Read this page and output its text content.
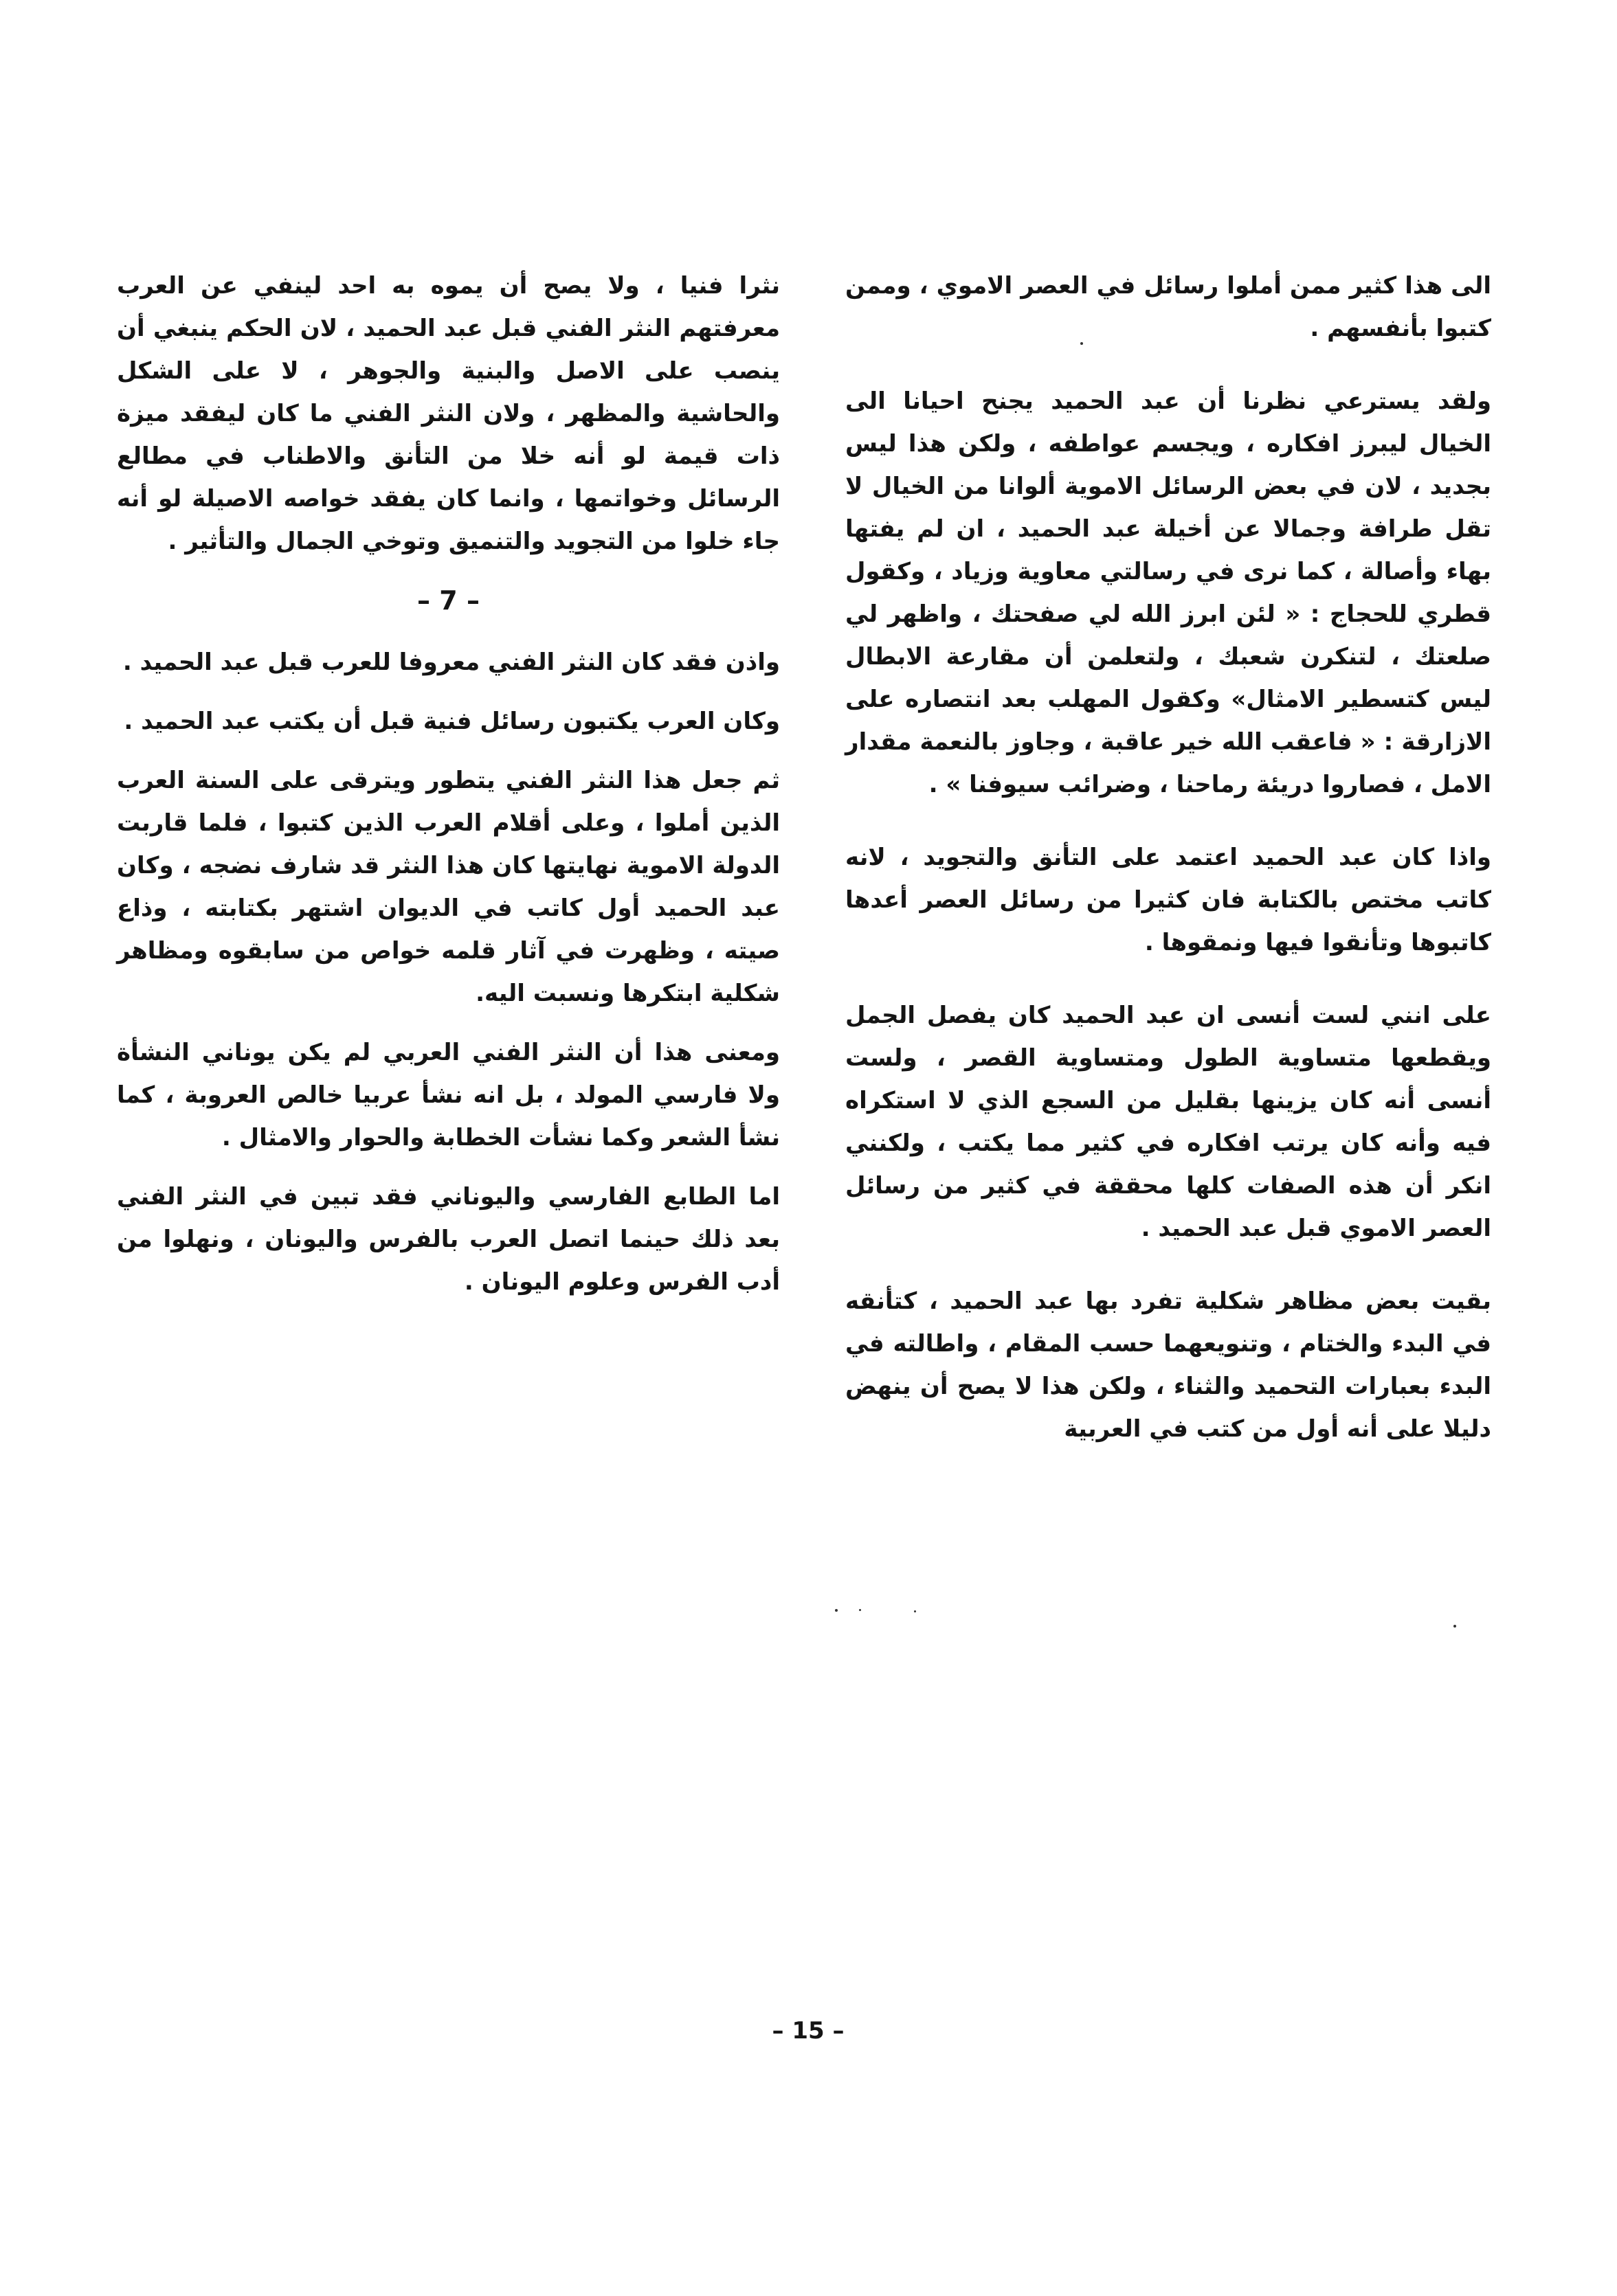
الى هذا كثير ممن أملوا رسائل في العصر الاموي ، وممن كتبوا بأنفسهم .

ولقد يسترعي نظرنا أن عبد الحميد يجنح احيانا الى الخيال ليبرز افكاره ، ويجسم عواطفه ، ولكن هذا ليس بجديد ، لان في بعض الرسائل الاموية ألوانا من الخيال لا تقل طرافة وجمالا عن أخيلة عبد الحميد ، ان لم يفتها بهاء وأصالة ، كما نرى في رسالتي معاوية وزياد ، وكقول قطري للحجاج : « لئن ابرز الله لي صفحتك ، واظهر لي صلعتك ، لتنكرن شعبك ، ولتعلمن أن مقارعة الابطال ليس كتسطير الامثال» وكقول المهلب بعد انتصاره على الازارقة : « فاعقب الله خير عاقبة ، وجاوز بالنعمة مقدار الامل ، فصاروا دريئة رماحنا ، وضرائب سيوفنا » .

واذا كان عبد الحميد اعتمد على التأنق والتجويد ، لانه كاتب مختص بالكتابة فان كثيرا من رسائل العصر أعدها كاتبوها وتأنقوا فيها ونمقوها .

على انني لست أنسى ان عبد الحميد كان يفصل الجمل ويقطعها متساوية الطول ومتساوية القصر ، ولست أنسى أنه كان يزينها بقليل من السجع الذي لا استكراه فيه وأنه كان يرتب افكاره في كثير مما يكتب ، ولكنني انكر أن هذه الصفات كلها محققة في كثير من رسائل العصر الاموي قبل عبد الحميد .

بقيت بعض مظاهر شكلية تفرد بها عبد الحميد ، كتأنقه في البدء والختام ، وتنويعهما حسب المقام ، واطالته في البدء بعبارات التحميد والثناء ، ولكن هذا لا يصح أن ينهض دليلا على أنه أول من كتب في العربية

نثرا فنيا ، ولا يصح أن يموه به احد لينفي عن العرب معرفتهم النثر الفني قبل عبد الحميد ، لان الحكم ينبغي أن ينصب على الاصل والبنية والجوهر ، لا على الشكل والحاشية والمظهر ، ولان النثر الفني ما كان ليفقد ميزة ذات قيمة لو أنه خلا من التأنق والاطناب في مطالع الرسائل وخواتمها ، وانما كان يفقد خواصه الاصيلة لو أنه جاء خلوا من التجويد والتنميق وتوخي الجمال والتأثير .

– 7 –

واذن فقد كان النثر الفني معروفا للعرب قبل عبد الحميد .

وكان العرب يكتبون رسائل فنية قبل أن يكتب عبد الحميد .

ثم جعل هذا النثر الفني يتطور ويترقى على السنة العرب الذين أملوا ، وعلى أقلام العرب الذين كتبوا ، فلما قاربت الدولة الاموية نهايتها كان هذا النثر قد شارف نضجه ، وكان عبد الحميد أول كاتب في الديوان اشتهر بكتابته ، وذاع صيته ، وظهرت في آثار قلمه خواص من سابقوه ومظاهر شكلية ابتكرها ونسبت اليه.

ومعنى هذا أن النثر الفني العربي لم يكن يوناني النشأة ولا فارسي المولد ، بل انه نشأ عربيا خالص العروبة ، كما نشأ الشعر وكما نشأت الخطابة والحوار والامثال .

اما الطابع الفارسي واليوناني فقد تبين في النثر الفني بعد ذلك حينما اتصل العرب بالفرس واليونان ، ونهلوا من أدب الفرس وعلوم اليونان .

– 15 –
